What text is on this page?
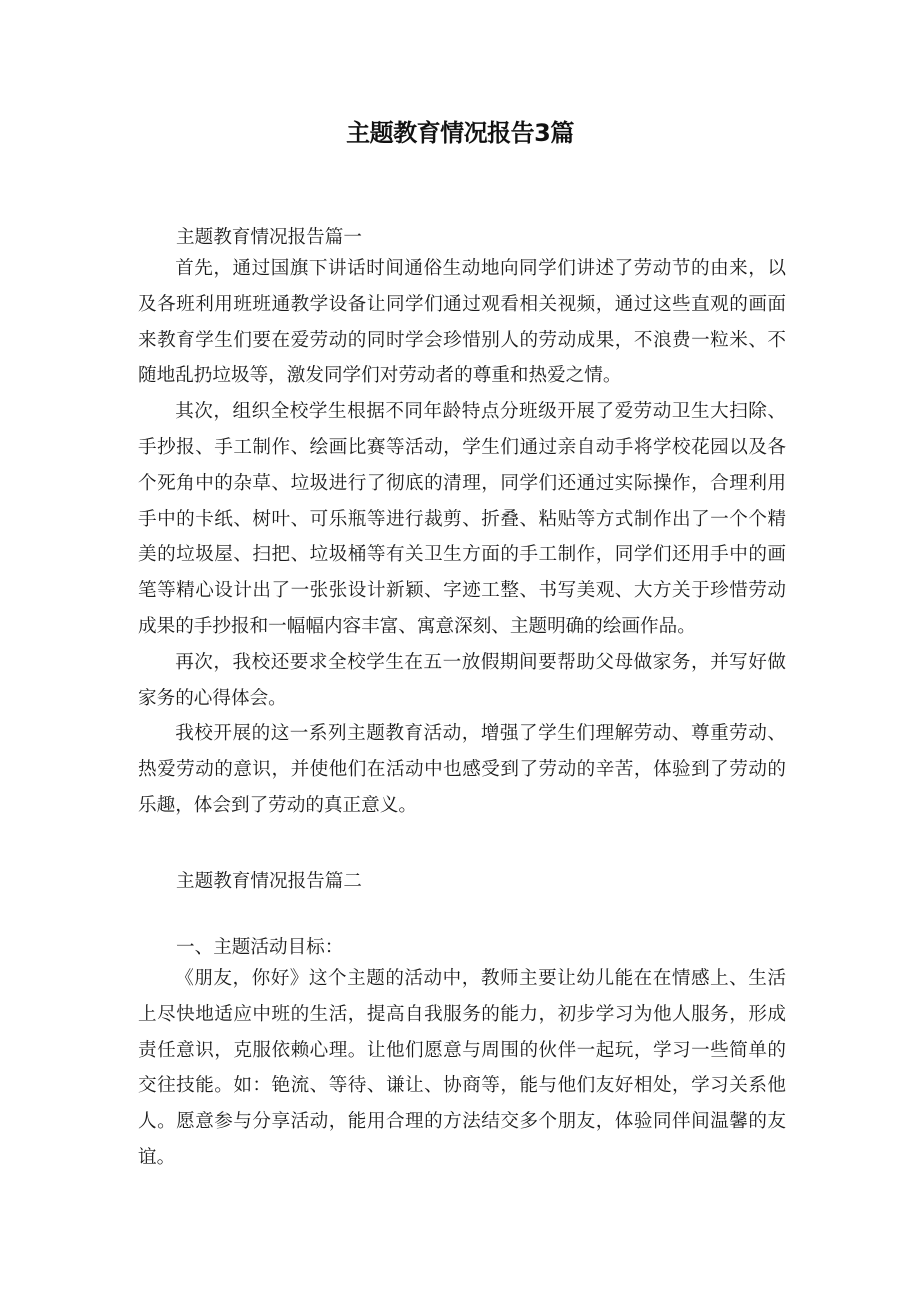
主题教育情况报告3篇
主题教育情况报告篇一

首先，通过国旗下讲话时间通俗生动地向同学们讲述了劳动节的由来，以及各班利用班班通教学设备让同学们通过观看相关视频，通过这些直观的画面来教育学生们要在爱劳动的同时学会珍惜别人的劳动成果，不浪费一粒米、不随地乱扔垃圾等，激发同学们对劳动者的尊重和热爱之情。

其次，组织全校学生根据不同年龄特点分班级开展了爱劳动卫生大扫除、手抄报、手工制作、绘画比赛等活动，学生们通过亲自动手将学校花园以及各个死角中的杂草、垃圾进行了彻底的清理，同学们还通过实际操作，合理利用手中的卡纸、树叶、可乐瓶等进行裁剪、折叠、粘贴等方式制作出了一个个精美的垃圾屋、扫把、垃圾桶等有关卫生方面的手工制作，同学们还用手中的画笔等精心设计出了一张张设计新颖、字迹工整、书写美观、大方关于珍惜劳动成果的手抄报和一幅幅内容丰富、寓意深刻、主题明确的绘画作品。

再次，我校还要求全校学生在五一放假期间要帮助父母做家务，并写好做家务的心得体会。

我校开展的这一系列主题教育活动，增强了学生们理解劳动、尊重劳动、热爱劳动的意识，并使他们在活动中也感受到了劳动的辛苦，体验到了劳动的乐趣，体会到了劳动的真正意义。

主题教育情况报告篇二
一、主题活动目标：

《朋友，你好》这个主题的活动中，教师主要让幼儿能在在情感上、生活上尽快地适应中班的生活，提高自我服务的能力，初步学习为他人服务，形成责任意识，克服依赖心理。让他们愿意与周围的伙伴一起玩，学习一些简单的交往技能。如：铯流、等待、谦让、协商等，能与他们友好相处，学习关系他人。愿意参与分享活动，能用合理的方法结交多个朋友，体验同伴间温馨的友谊。
